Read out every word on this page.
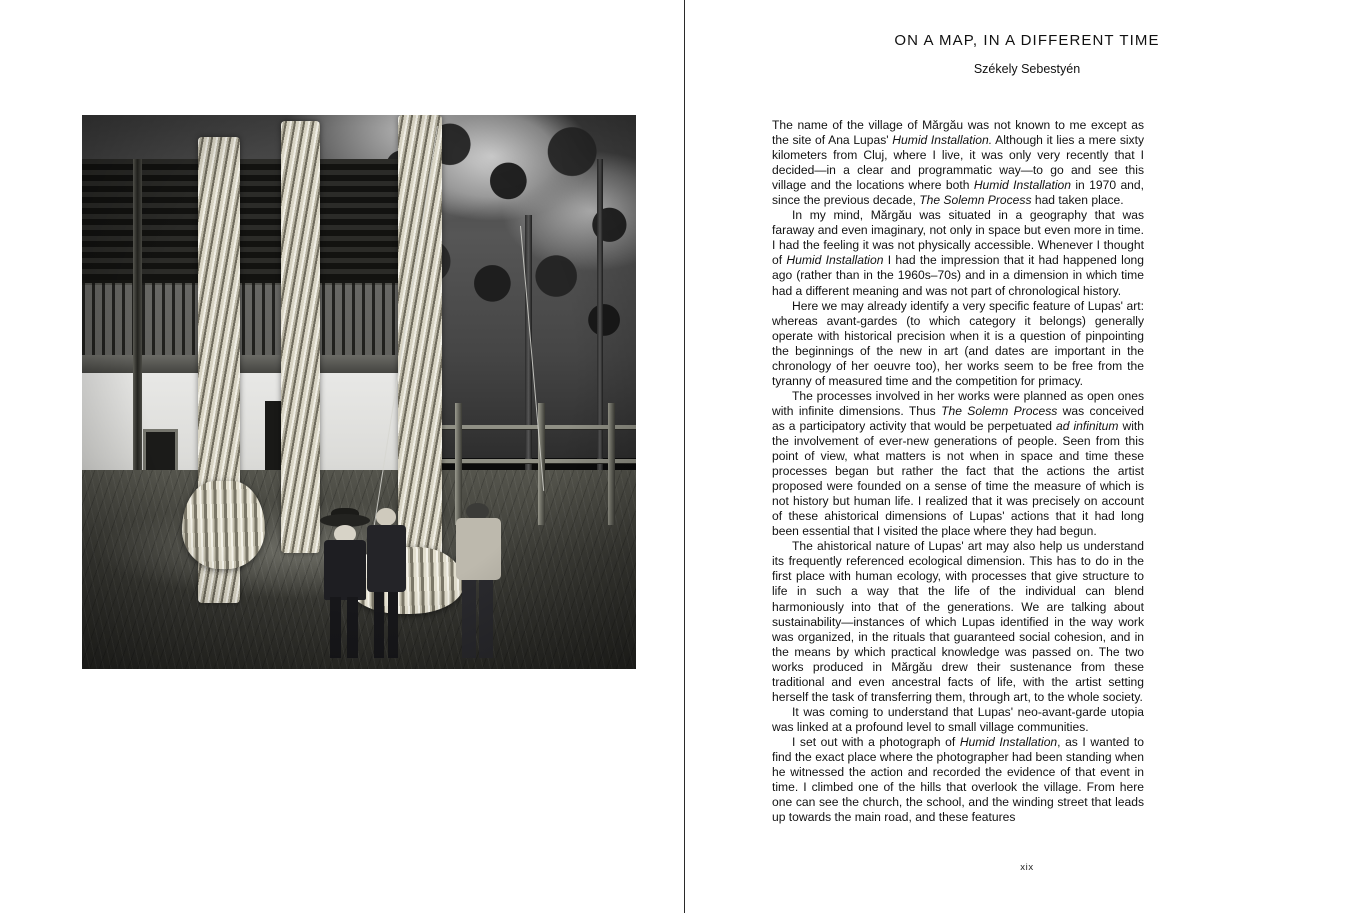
ON A MAP, IN A DIFFERENT TIME
Székely Sebestyén

The name of the village of Mărgău was not known to me except as the site of Ana Lupas' Humid Installation. Although it lies a mere sixty kilometers from Cluj, where I live, it was only very recently that I decided—in a clear and programmatic way—to go and see this village and the locations where both Humid Installation in 1970 and, since the previous decade, The Solemn Process had taken place.

In my mind, Mărgău was situated in a geography that was faraway and even imaginary, not only in space but even more in time. I had the feeling it was not physically accessible. Whenever I thought of Humid Installation I had the impression that it had happened long ago (rather than in the 1960s–70s) and in a dimension in which time had a different meaning and was not part of chronological history.

Here we may already identify a very specific feature of Lupas' art: whereas avant-gardes (to which category it belongs) generally operate with historical precision when it is a question of pinpointing the beginnings of the new in art (and dates are important in the chronology of her oeuvre too), her works seem to be free from the tyranny of measured time and the competition for primacy.

The processes involved in her works were planned as open ones with infinite dimensions. Thus The Solemn Process was conceived as a participatory activity that would be perpetuated ad infinitum with the involvement of ever-new generations of people. Seen from this point of view, what matters is not when in space and time these processes began but rather the fact that the actions the artist proposed were founded on a sense of time the measure of which is not history but human life. I realized that it was precisely on account of these ahistorical dimensions of Lupas' actions that it had long been essential that I visited the place where they had begun.

The ahistorical nature of Lupas' art may also help us understand its frequently referenced ecological dimension. This has to do in the first place with human ecology, with processes that give structure to life in such a way that the life of the individual can blend harmoniously into that of the generations. We are talking about sustainability—instances of which Lupas identified in the way work was organized, in the rituals that guaranteed social cohesion, and in the means by which practical knowledge was passed on. The two works produced in Mărgău drew their sustenance from these traditional and even ancestral facts of life, with the artist setting herself the task of transferring them, through art, to the whole society.

It was coming to understand that Lupas' neo-avant-garde utopia was linked at a profound level to small village communities.

I set out with a photograph of Humid Installation, as I wanted to find the exact place where the photographer had been standing when he witnessed the action and recorded the evidence of that event in time. I climbed one of the hills that overlook the village. From here one can see the church, the school, and the winding street that leads up towards the main road, and these features

xix
